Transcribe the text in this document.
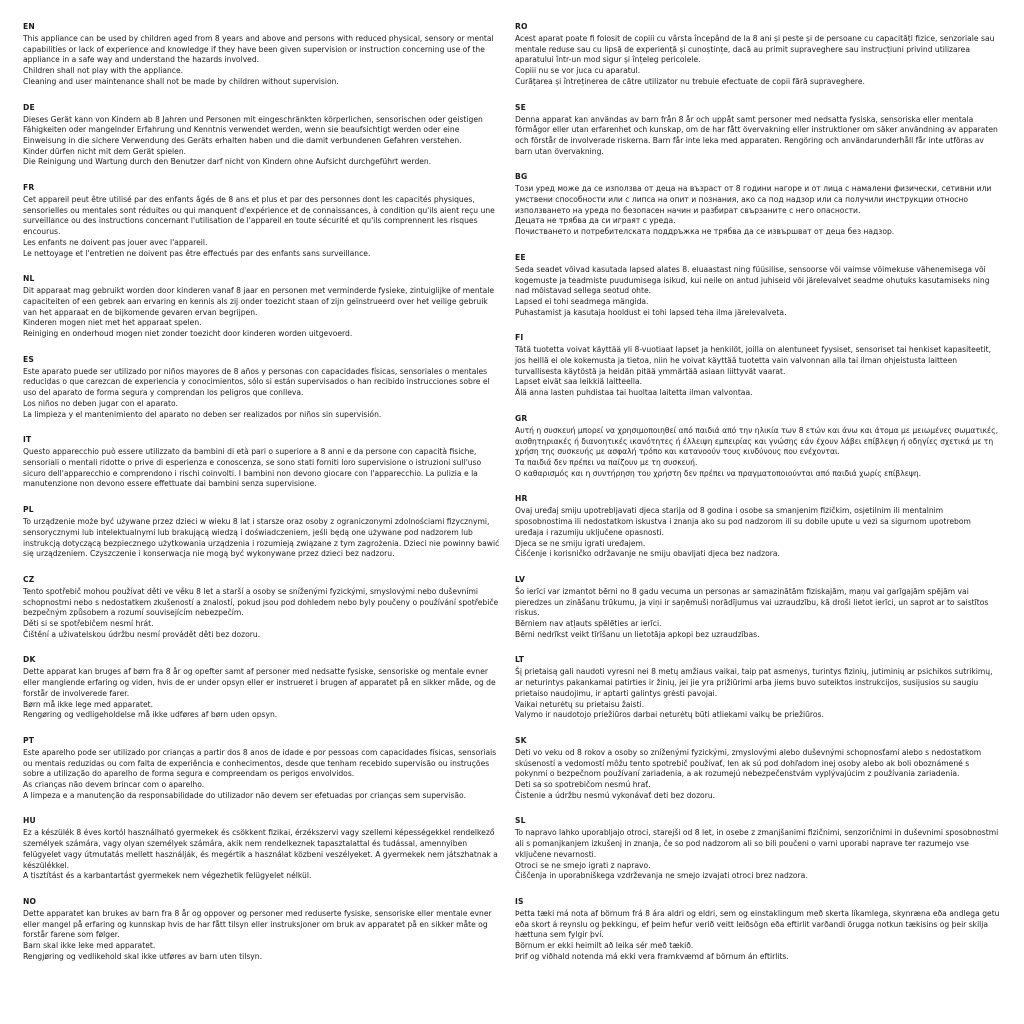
EN
This appliance can be used by children aged from 8 years and above and persons with reduced physical, sensory or mental capabilities or lack of experience and knowledge if they have been given supervision or instruction concerning use of the appliance in a safe way and understand the hazards involved.
Children shall not play with the appliance.
Cleaning and user maintenance shall not be made by children without supervision.
DE
Dieses Gerät kann von Kindern ab 8 Jahren und Personen mit eingeschränkten körperlichen, sensorischen oder geistigen Fähigkeiten oder mangelnder Erfahrung und Kenntnis verwendet werden, wenn sie beaufsichtigt werden oder eine Einweisung in die sichere Verwendung des Geräts erhalten haben und die damit verbundenen Gefahren verstehen.
Kinder dürfen nicht mit dem Gerät spielen.
Die Reinigung und Wartung durch den Benutzer darf nicht von Kindern ohne Aufsicht durchgeführt werden.
FR
Cet appareil peut être utilisé par des enfants âgés de 8 ans et plus et par des personnes dont les capacités physiques, sensorielles ou mentales sont réduites ou qui manquent d'expérience et de connaissances, à condition qu'ils aient reçu une surveillance ou des instructions concernant l'utilisation de l'appareil en toute sécurité et qu'ils comprennent les risques encourus.
Les enfants ne doivent pas jouer avec l'appareil.
Le nettoyage et l'entretien ne doivent pas être effectués par des enfants sans surveillance.
NL
Dit apparaat mag gebruikt worden door kinderen vanaf 8 jaar en personen met verminderde fysieke, zintuiglijke of mentale capaciteiten of een gebrek aan ervaring en kennis als zij onder toezicht staan of zijn geïnstrueerd over het veilige gebruik van het apparaat en de bijkomende gevaren ervan begrijpen.
Kinderen mogen niet met het apparaat spelen.
Reiniging en onderhoud mogen niet zonder toezicht door kinderen worden uitgevoerd.
ES
Este aparato puede ser utilizado por niños mayores de 8 años y personas con capacidades físicas, sensoriales o mentales reducidas o que carezcan de experiencia y conocimientos, sólo si están supervisados o han recibido instrucciones sobre el uso del aparato de forma segura y comprendan los peligros que conlleva.
Los niños no deben jugar con el aparato.
La limpieza y el mantenimiento del aparato no deben ser realizados por niños sin supervisión.
IT
Questo apparecchio può essere utilizzato da bambini di età pari o superiore a 8 anni e da persone con capacità fisiche, sensoriali o mentali ridotte o prive di esperienza e conoscenza, se sono stati forniti loro supervisione o istruzioni sull'uso sicuro dell'apparecchio e comprendono i rischi coinvolti. I bambini non devono giocare con l'apparecchio. La pulizia e la manutenzione non devono essere effettuate dai bambini senza supervisione.
PL
To urządzenie może być używane przez dzieci w wieku 8 lat i starsze oraz osoby z ograniczonymi zdolnościami fizycznymi, sensorycznymi lub intelektualnymi lub brakującą wiedzą i doświadczeniem, jeśli będą one używane pod nadzorem lub instrukcją dotyczącą bezpiecznego użytkowania urządzenia i rozumieją związane z tym zagrożenia. Dzieci nie powinny bawić się urządzeniem. Czyszczenie i konserwacja nie mogą być wykonywane przez dzieci bez nadzoru.
CZ
Tento spotřebič mohou používat děti ve věku 8 let a starší a osoby se sníženými fyzickými, smyslovými nebo duševními schopnostmi nebo s nedostatkem zkušeností a znalostí, pokud jsou pod dohledem nebo byly poučeny o používání spotřebiče bezpečným způsobem a rozumí souvisejícím nebezpečím.
Děti si se spotřebičem nesmí hrát.
Čištění a uživatelskou údržbu nesmí provádět děti bez dozoru.
DK
Dette apparat kan bruges af børn fra 8 år og opefter samt af personer med nedsatte fysiske, sensoriske og mentale evner eller manglende erfaring og viden, hvis de er under opsyn eller er instrueret i brugen af apparatet på en sikker måde, og de forstår de involverede farer.
Børn må ikke lege med apparatet.
Rengøring og vedligeholdelse må ikke udføres af børn uden opsyn.
PT
Este aparelho pode ser utilizado por crianças a partir dos 8 anos de idade e por pessoas com capacidades físicas, sensoriais ou mentais reduzidas ou com falta de experiência e conhecimentos, desde que tenham recebido supervisão ou instruções sobre a utilização do aparelho de forma segura e compreendam os perigos envolvidos.
As crianças não devem brincar com o aparelho.
A limpeza e a manutenção da responsabilidade do utilizador não devem ser efetuadas por crianças sem supervisão.
HU
Ez a készülék 8 éves kortól használható gyermekek és csökkent fizikai, érzékszervi vagy szellemi képességekkel rendelkező személyek számára, vagy olyan személyek számára, akik nem rendelkeznek tapasztalattal és tudással, amennyiben felügyelet vagy útmutatás mellett használják, és megértik a használat közbeni veszélyeket. A gyermekek nem játszhatnak a készülékkel.
A tisztítást és a karbantartást gyermekek nem végezhetik felügyelet nélkül.
NO
Dette apparatet kan brukes av barn fra 8 år og oppover og personer med reduserte fysiske, sensoriske eller mentale evner eller mangel på erfaring og kunnskap hvis de har fått tilsyn eller instruksjoner om bruk av apparatet på en sikker måte og forstår farene som følger.
Barn skal ikke leke med apparatet.
Rengjøring og vedlikehold skal ikke utføres av barn uten tilsyn.
RO
Acest aparat poate fi folosit de copiii cu vârsta începând de la 8 ani și peste și de persoane cu capacități fizice, senzoriale sau mentale reduse sau cu lipsă de experiență și cunoștințe, dacă au primit supraveghere sau instrucțiuni privind utilizarea aparatului într-un mod sigur și înțeleg pericolele.
Copiii nu se vor juca cu aparatul.
Curățarea și întreținerea de către utilizator nu trebuie efectuate de copii fără supraveghere.
SE
Denna apparat kan användas av barn från 8 år och uppåt samt personer med nedsatta fysiska, sensoriska eller mentala förmågor eller utan erfarenhet och kunskap, om de har fått övervakning eller instruktioner om säker användning av apparaten och förstår de involverade riskerna. Barn får inte leka med apparaten. Rengöring och användarunderhåll får inte utföras av barn utan övervakning.
BG
Този уред може да се използва от деца на възраст от 8 години нагоре и от лица с намалени физически, сетивни или умствени способности или с липса на опит и познания, ако са под надзор или са получили инструкции относно използването на уреда по безопасен начин и разбират свързаните с него опасности.
Децата не трябва да си играят с уреда.
Почистването и потребителската поддръжка не трябва да се извършват от деца без надзор.
EE
Seda seadet võivad kasutada lapsed alates 8. eluaastast ning füüsilise, sensoorse või vaimse võimekuse vähenemisega või kogemuste ja teadmiste puudumisega isikud, kui neile on antud juhiseid või järelevalvet seadme ohutuks kasutamiseks ning nad mõistavad sellega seotud ohte.
Lapsed ei tohi seadmega mängida.
Puhastamist ja kasutaja hooldust ei tohi lapsed teha ilma järelevalveta.
FI
Tätä tuotetta voivat käyttää yli 8-vuotiaat lapset ja henkilöt, joilla on alentuneet fyysiset, sensoriset tai henkiset kapasiteetit, jos heillä ei ole kokemusta ja tietoa, niin he voivat käyttää tuotetta vain valvonnan alla tai ilman ohjeistusta laitteen turvallisesta käytöstä ja heidän pitää ymmärtää asiaan liittyvät vaarat.
Lapset eivät saa leikkiä laitteella.
Älä anna lasten puhdistaa tai huoltaa laitetta ilman valvontaa.
GR
Αυτή η συσκευή μπορεί να χρησιμοποιηθεί από παιδιά από την ηλικία των 8 ετών και άνω και άτομα με μειωμένες σωματικές, αισθητηριακές ή διανοητικές ικανότητες ή έλλειψη εμπειρίας και γνώσης εάν έχουν λάβει επίβλεψη ή οδηγίες σχετικά με τη χρήση της συσκευής με ασφαλή τρόπο και κατανοούν τους κινδύνους που ενέχονται.
Τα παιδιά δεν πρέπει να παίζουν με τη συσκευή.
Ο καθαρισμός και η συντήρηση του χρήστη δεν πρέπει να πραγματοποιούνται από παιδιά χωρίς επίβλεψη.
HR
Ovaj uređaj smiju upotrebljavati djeca starija od 8 godina i osobe sa smanjenim fizičkim, osjetilnim ili mentalnim sposobnostima ili nedostatkom iskustva i znanja ako su pod nadzorom ili su dobile upute u vezi sa sigurnom upotrebom uređaja i razumiju uključene opasnosti.
Djeca se ne smiju igrati uređajem.
Čišćenje i korisničko održavanje ne smiju obavljati djeca bez nadzora.
LV
Šo ierīci var izmantot bērni no 8 gadu vecuma un personas ar samazinātām fiziskajām, maņu vai garīgajām spējām vai pieredzes un zināšanu trūkumu, ja viņi ir saņēmuši norādījumus vai uzraudzību, kā droši lietot ierīci, un saprot ar to saistītos riskus.
Bērniem nav atļauts spēlēties ar ierīci.
Bērni nedrīkst veikt tīrīšanu un lietotāja apkopi bez uzraudzības.
LT
Šį prietaisą gali naudoti vyresni nei 8 metų amžiaus vaikai, taip pat asmenys, turintys fizinių, jutiminių ar psichikos sutrikimų, ar neturintys pakankamai patirties ir žinių, jei jie yra prižiūrimi arba jiems buvo suteiktos instrukcijos, susijusios su saugiu prietaiso naudojimu, ir aptarti galintys grėsti pavojai.
Vaikai neturėtų su prietaisu žaisti.
Valymo ir naudotojo priežiūros darbai neturėtų būti atliekami vaikų be priežiūros.
SK
Deti vo veku od 8 rokov a osoby so zníženými fyzickými, zmyslovými alebo duševnými schopnosťami alebo s nedostatkom skúseností a vedomostí môžu tento spotrebič používať, len ak sú pod dohľadom inej osoby alebo ak boli oboznámené s pokynmi o bezpečnom používaní zariadenia, a ak rozumejú nebezpečenstvám vyplývajúcim z používania zariadenia.
Deti sa so spotrebičom nesmú hrať.
Čistenie a údržbu nesmú vykonávať deti bez dozoru.
SL
To napravo lahko uporabljajo otroci, starejši od 8 let, in osebe z zmanjšanimi fizičnimi, senzoričnimi in duševnimi sposobnostmi ali s pomanjkanjem izkušenj in znanja, če so pod nadzorom ali so bili poučeni o varni uporabi naprave ter razumejo vse vključene nevarnosti.
Otroci se ne smejo igrati z napravo.
Čiščenja in uporabniškega vzdrževanja ne smejo izvajati otroci brez nadzora.
IS
Þetta tæki má nota af börnum frá 8 ára aldri og eldri, sem og einstaklingum með skerta líkamlega, skynræna eða andlega getu eða skort á reynslu og þekkingu, ef þeim hefur verið veitt leiðsögn eða eftirlit varðandi örugga notkun tækisins og þeir skilja hættuna sem fylgir því.
Börnum er ekki heimilt að leika sér með tækið.
Þrif og viðhald notenda má ekki vera framkvæmd af börnum án eftirlits.
